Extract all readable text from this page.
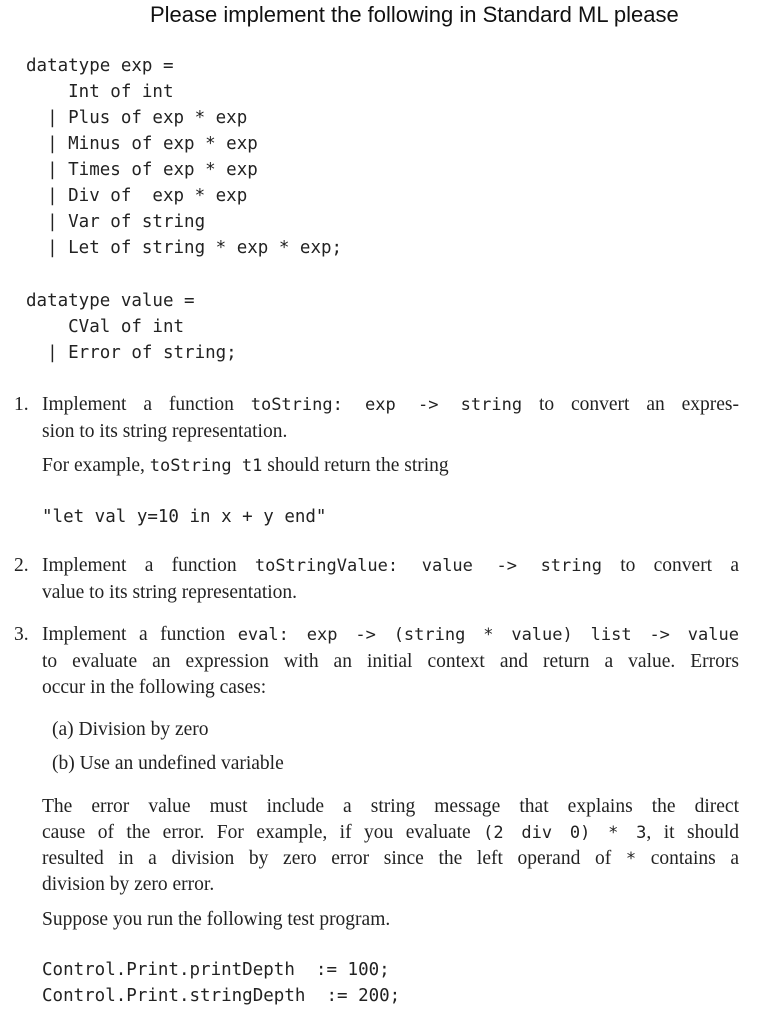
Please implement the following in Standard ML please
datatype exp =
Int of int
| Plus of exp * exp
| Minus of exp * exp
| Times of exp * exp
| Div of  exp * exp
| Var of string
| Let of string * exp * exp;
datatype value =
CVal of int
| Error of string;
1. Implement a function toString: exp -> string to convert an expres-
sion to its string representation.
For example, toString t1 should return the string
"let val y=10 in x + y end"
2. Implement a function toStringValue: value -> string to convert a
value to its string representation.
3. Implement a function eval: exp -> (string * value) list -> value
to evaluate an expression with an initial context and return a value. Errors
occur in the following cases:
(a) Division by zero
(b) Use an undefined variable
The error value must include a string message that explains the direct
cause of the error. For example, if you evaluate (2 div 0) * 3, it should
resulted in a division by zero error since the left operand of * contains a
division by zero error.
Suppose you run the following test program.
Control.Print.printDepth  := 100;
Control.Print.stringDepth  := 200;
